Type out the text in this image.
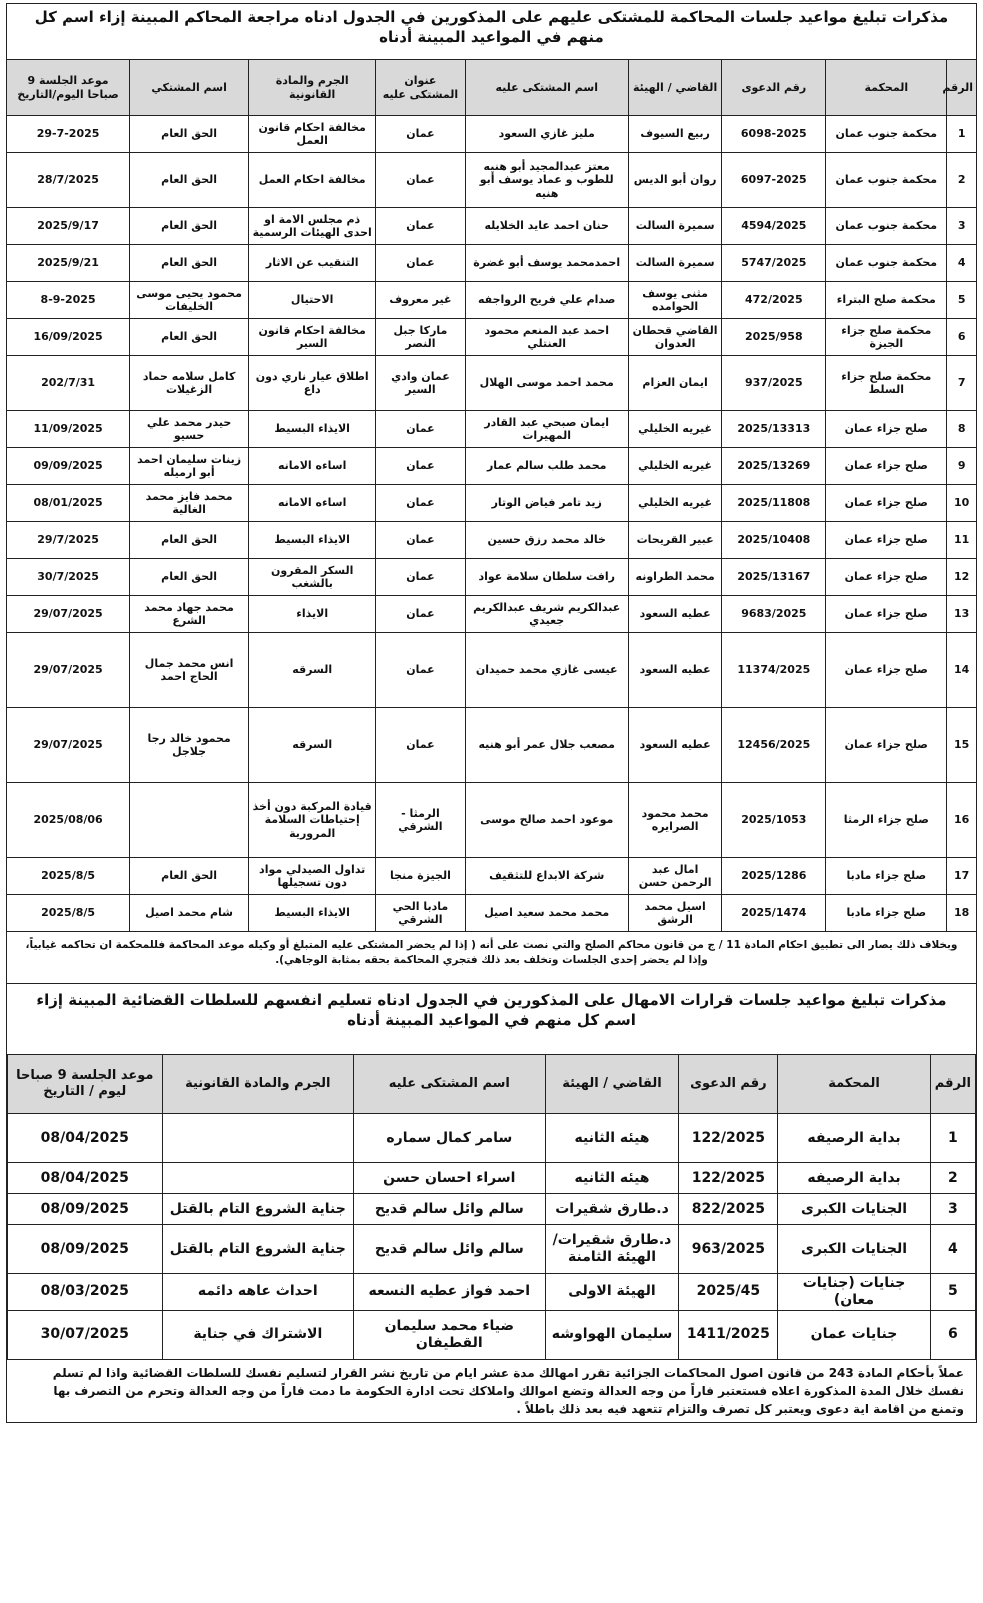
مذكرات تبليغ مواعيد جلسات المحاكمة للمشتكى عليهم على المذكورين في الجدول ادناه مراجعة المحاكم المبينة إزاء اسم كل منهم في المواعيد المبينة أدناه
الرقم	المحكمة	رقم الدعوى	القاضي / الهيئة	اسم المشتكى عليه	عنوان المشتكى عليه	الجرم والمادة القانونية	اسم المشتكي	موعد الجلسة 9 صباحا اليوم/التاريخ
1	محكمة جنوب عمان	6098-2025	ربيع السيوف	مليز غازي السعود	عمان	مخالفة احكام قانون العمل	الحق العام	29-7-2025
2	محكمة جنوب عمان	6097-2025	روان أبو الديس	معتز عبدالمجيد أبو هنيه للطوب و عماد يوسف أبو هنيه	عمان	مخالفة احكام العمل	الحق العام	28/7/2025
3	محكمة جنوب عمان	4594/2025	سميرة السالت	حنان احمد عايد الخلايله	عمان	ذم مجلس الامة او احدى الهيئات الرسمية	الحق العام	2025/9/17
4	محكمة جنوب عمان	5747/2025	سميرة السالت	احمدمحمد يوسف أبو غضرة	عمان	التنقيب عن الاثار	الحق العام	2025/9/21
5	محكمة صلح البتراء	472/2025	مثنى يوسف الحوامده	صدام علي فريح الرواجفه	غير معروف	الاحتيال	محمود يحيى موسى الخليفات	8-9-2025
6	محكمة صلح جزاء الجيزة	2025/958	القاضي قحطان العدوان	احمد عبد المنعم محمود العنتلي	ماركا جبل النصر	مخالفة احكام قانون السير	الحق العام	16/09/2025
7	محكمة صلح جزاء السلط	937/2025	ايمان العزام	محمد احمد موسى الهلال	عمان وادي السير	اطلاق عيار ناري دون داع	كامل سلامه حماد الزغيلات	202/7/31
8	صلح جزاء عمان	2025/13313	غيريه الخليلي	ايمان صبحي عبد القادر المهيرات	عمان	الايذاء البسيط	حيدر محمد علي حسيو	11/09/2025
9	صلح جزاء عمان	2025/13269	غيريه الخليلي	محمد طلب سالم عمار	عمان	اساءه الامانه	زينات سليمان احمد أبو ارميله	09/09/2025
10	صلح جزاء عمان	2025/11808	غيريه الخليلي	زيد تامر فياض الوتار	عمان	اساءه الامانه	محمد فايز محمد الغالية	08/01/2025
11	صلح جزاء عمان	2025/10408	عبير القريحات	خالد محمد رزق حسين	عمان	الايذاء البسيط	الحق العام	29/7/2025
12	صلح جزاء عمان	2025/13167	محمد الطراونه	رافت سلطان سلامة عواد	عمان	السكر المقرون بالشغب	الحق العام	30/7/2025
13	صلح جزاء عمان	9683/2025	عطيه السعود	عبدالكريم شريف عبدالكريم جعيدي	عمان	الايذاء	محمد جهاد محمد الشرع	29/07/2025
14	صلح جزاء عمان	11374/2025	عطيه السعود	عيسى غازي محمد حميدان	عمان	السرقه	انس محمد جمال الحاج احمد	29/07/2025
15	صلح جزاء عمان	12456/2025	عطيه السعود	مصعب جلال عمر أبو هنيه	عمان	السرقه	محمود خالد رجا جلاجل	29/07/2025
16	صلح جزاء الرمثا	2025/1053	محمد محمود الصرايره	موعود احمد صالح موسى	الرمثا - الشرقي	قيادة المركبة دون أخذ إحتياطات السلامة المرورية		2025/08/06
17	صلح جزاء مادبا	2025/1286	امال عبد الرحمن حسن	شركة الابداع للتثقيف	الجيزة منجا	تداول الصيدلي مواد دون تسجيلها	الحق العام	2025/8/5
18	صلح جزاء مادبا	2025/1474	اسيل محمد الرشق	محمد محمد سعيد اصيل	مادبا الحي الشرقي	الايذاء البسيط	شام محمد اصيل	2025/8/5
وبخلاف ذلك يصار الى تطبيق احكام المادة 11 / ج من قانون محاكم الصلح والتي نصت على أنه ( إذا لم يحضر المشتكى عليه المتبلغ أو وكيله موعد المحاكمة فللمحكمة ان تحاكمه غيابياً، وإذا لم يحضر إحدى الجلسات وتخلف بعد ذلك فتجري المحاكمة بحقه بمثابة الوجاهي).
مذكرات تبليغ مواعيد جلسات قرارات الامهال على المذكورين في الجدول ادناه تسليم انفسهم للسلطات القضائية المبينة إزاء اسم كل منهم في المواعيد المبينة أدناه
الرقم	المحكمة	رقم الدعوى	القاضي / الهيئة	اسم المشتكى عليه	الجرم والمادة القانونية	موعد الجلسة 9 صباحا ليوم / التاريخ
1	بداية الرصيفه	122/2025	هيئه الثانيه	سامر كمال سماره		08/04/2025
2	بداية الرصيفه	122/2025	هيئه الثانيه	اسراء احسان حسن		08/04/2025
3	الجنايات الكبرى	822/2025	د.طارق شقيرات	سالم وائل سالم قديح	جناية الشروع التام بالقتل	08/09/2025
4	الجنايات الكبرى	963/2025	د.طارق شقيرات/ الهيئة الثامنة	سالم وائل سالم قديح	جناية الشروع التام بالقتل	08/09/2025
5	جنايات (جنايات معان)	2025/45	الهيئة الاولى	احمد فواز عطيه النسعه	احداث عاهه دائمه	08/03/2025
6	جنايات عمان	1411/2025	سليمان الهواوشه	ضياء محمد سليمان القطيفان	الاشتراك في جناية	30/07/2025
عملاً بأحكام المادة 243 من قانون اصول المحاكمات الجزائية تقرر امهالك مدة عشر ايام من تاريخ نشر القرار لتسليم نفسك للسلطات القضائية واذا لم تسلم نفسك خلال المدة المذكورة اعلاه فستعتبر فاراً من وجه العدالة وتضع اموالك واملاكك تحت ادارة الحكومة ما دمت فاراً من وجه العدالة وتحرم من التصرف بها وتمنع من اقامة اية دعوى ويعتبر كل تصرف والتزام تتعهد فيه بعد ذلك باطلاً .
